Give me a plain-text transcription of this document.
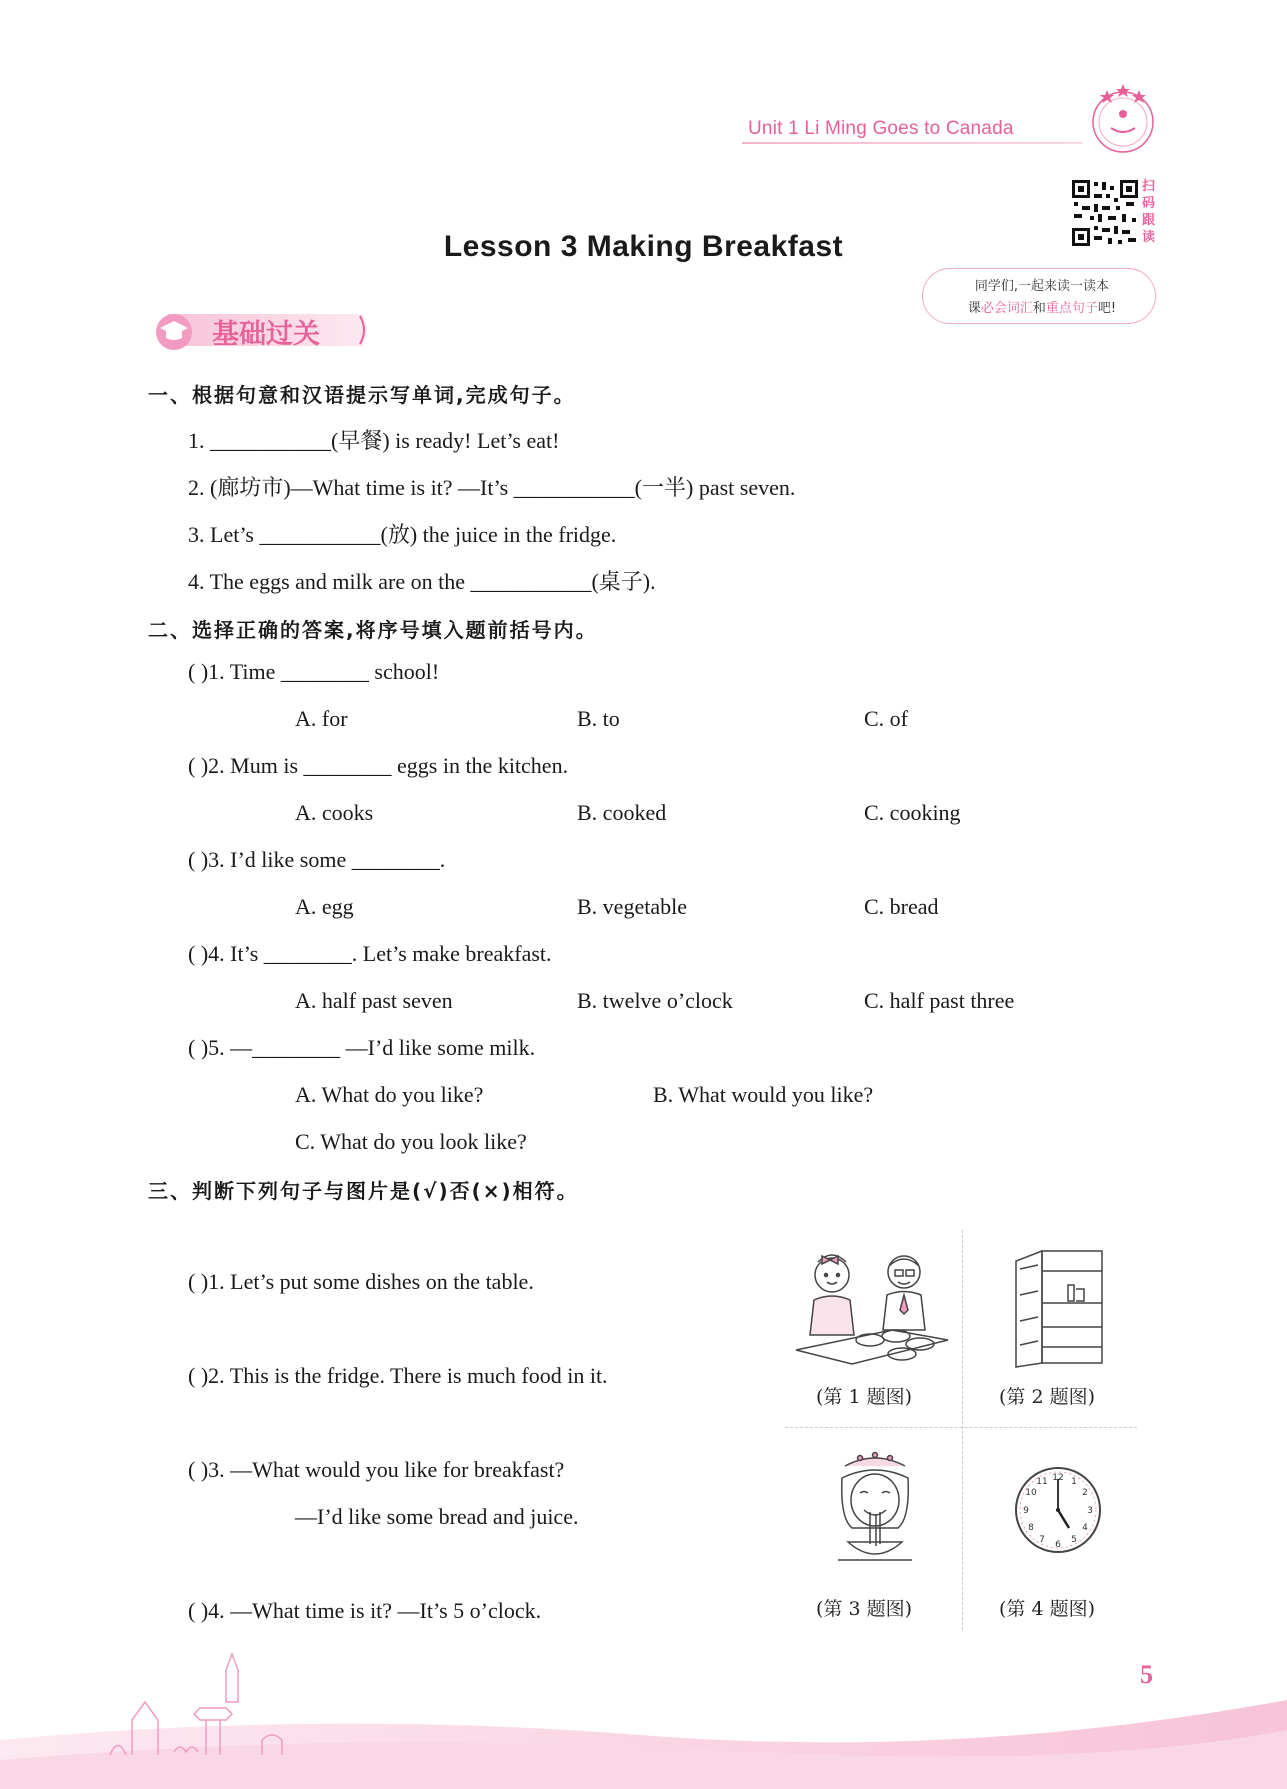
Unit 1 Li Ming Goes to Canada
扫码跟读
同学们,一起来读一读本
课必会词汇和重点句子吧!
Lesson 3 Making Breakfast
基础过关
一、根据句意和汉语提示写单词,完成句子。
1. ___________(早餐) is ready! Let’s eat!
2. (廊坊市)—What time is it? —It’s ___________(一半) past seven.
3. Let’s ___________(放) the juice in the fridge.
4. The eggs and milk are on the ___________(桌子).
二、选择正确的答案,将序号填入题前括号内。
( )1. Time ________ school!
A. for	B. to	C. of
( )2. Mum is ________ eggs in the kitchen.
A. cooks	B. cooked	C. cooking
( )3. I’d like some ________.
A. egg	B. vegetable	C. bread
( )4. It’s ________. Let’s make breakfast.
A. half past seven	B. twelve o’clock	C. half past three
( )5. —________ —I’d like some milk.
A. What do you like?	B. What would you like?
C. What do you look like?
三、判断下列句子与图片是(√)否(×)相符。
( )1. Let’s put some dishes on the table.
( )2. This is the fridge. There is much food in it.
( )3. —What would you like for breakfast?
—I’d like some bread and juice.
( )4. —What time is it? —It’s 5 o’clock.
(第 1 题图)	(第 2 题图)
(第 3 题图)
12 1
2
3
4
5
6
7
8
9
10
11
(第 4 题图)
5
